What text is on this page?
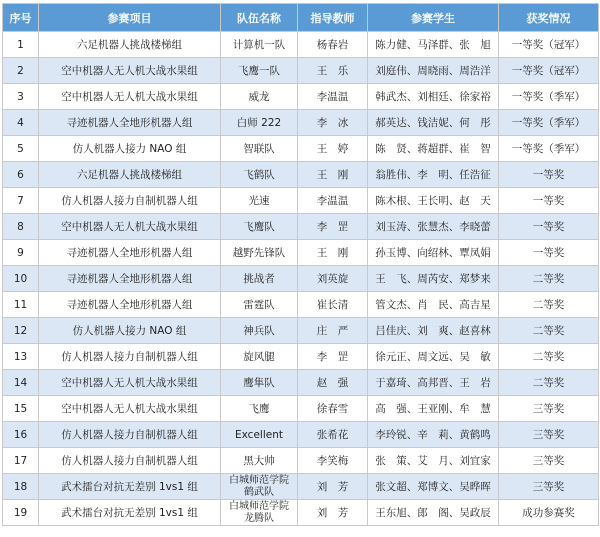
序号	参赛项目	队伍名称	指导教师	参赛学生	获奖情况
1	六足机器人挑战楼梯组	计算机一队	杨春岩	陈力健、马泽群、张　旭	一等奖（冠军）
2	空中机器人无人机大战水果组	飞鹰一队	王　乐	刘庭伟、周晓雨、周浩洋	一等奖（冠军）
3	空中机器人无人机大战水果组	威龙	李温温	韩武杰、刘相廷、徐家裕	一等奖（季军）
4	寻迹机器人全地形机器人组	白师 222	李　冰	郝英达、钱洁妮、何　彤	一等奖（季军）
5	仿人机器人接力 NAO 组	智联队	王　婷	陈　贤、蒋超群、崔　智	一等奖（季军）
6	六足机器人挑战楼梯组	飞鹤队	王　刚	翁胜伟、李　明、任浩征	一等奖
7	仿人机器人接力自制机器人组	光速	李温温	陈木根、王长明、赵　天	一等奖
8	空中机器人无人机大战水果组	飞鹰队	李　罡	刘玉涛、张慧杰、李晓蕾	一等奖
9	寻迹机器人全地形机器人组	越野先锋队	王　刚	孙玉博、向绍林、覃凤娟	一等奖
10	寻迹机器人全地形机器人组	挑战者	刘英旋	王　飞、周芮安、郑梦来	二等奖
11	寻迹机器人全地形机器人组	雷霆队	崔长清	管文杰、肖　民、高吉星	二等奖
12	仿人机器人接力 NAO 组	神兵队	庄　严	吕佳庆、刘　爽、赵喜林	二等奖
13	仿人机器人接力自制机器人组	旋风腿	李　罡	徐元正、周文远、吴　敏	二等奖
14	空中机器人无人机大战水果组	鹰隼队	赵　强	于嘉琦、高邦晋、王　岩	二等奖
15	空中机器人无人机大战水果组	飞鹰	徐春雪	高　强、王亚刚、牟　慧	三等奖
16	仿人机器人接力自制机器人组	Excellent	张希花	李玲锐、辛　莉、黄鹤鸣	三等奖
17	仿人机器人接力自制机器人组	黑大帅	李笑梅	张　策、艾　月、刘宜家	三等奖
18	武术擂台对抗无差别 1vs1 组	白城师范学院
鹤武队	刘　芳	张文超、郑博文、吴晔晖	三等奖
19	武术擂台对抗无差别 1vs1 组	白城师范学院
龙腾队	刘　芳	王东旭、郎　阁、吴政辰	成功参赛奖
